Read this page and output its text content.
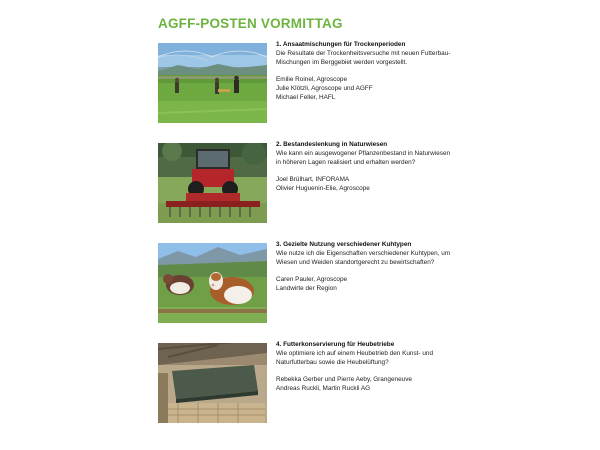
AGFF-POSTEN VORMITTAG
1. Ansaatmischungen für Trockenperioden

Die Resultate der Trockenheitsversuche mit neuen Futterbau-Mischungen im Berggebiet werden vorgestellt.

Emilie Roinel, Agroscope
Julie Klötzli, Agroscope und AGFF
Michael Feller, HAFL
2. Bestandeslenkung in Naturwiesen

Wie kann ein ausgewogener Pflanzenbestand in Naturwiesen in höheren Lagen realisiert und erhalten werden?

Joel Brülhart, INFORAMA
Olivier Huguenin-Elie, Agroscope
3. Gezielte Nutzung verschiedener Kuhtypen

Wie nutze ich die Eigenschaften verschiedener Kuhtypen, um Wiesen und Weiden standortgerecht zu bewirtschaften?

Caren Pauler, Agroscope
Landwirte der Region
4. Futterkonservierung für Heubetriebe

Wie optimiere ich auf einem Heubetrieb den Kunst- und Naturfutterbau sowie die Heubelüftung?

Rebekka Gerber und Pierre Aeby, Grangeneuve
Andreas Ruckli, Martin Ruckli AG
